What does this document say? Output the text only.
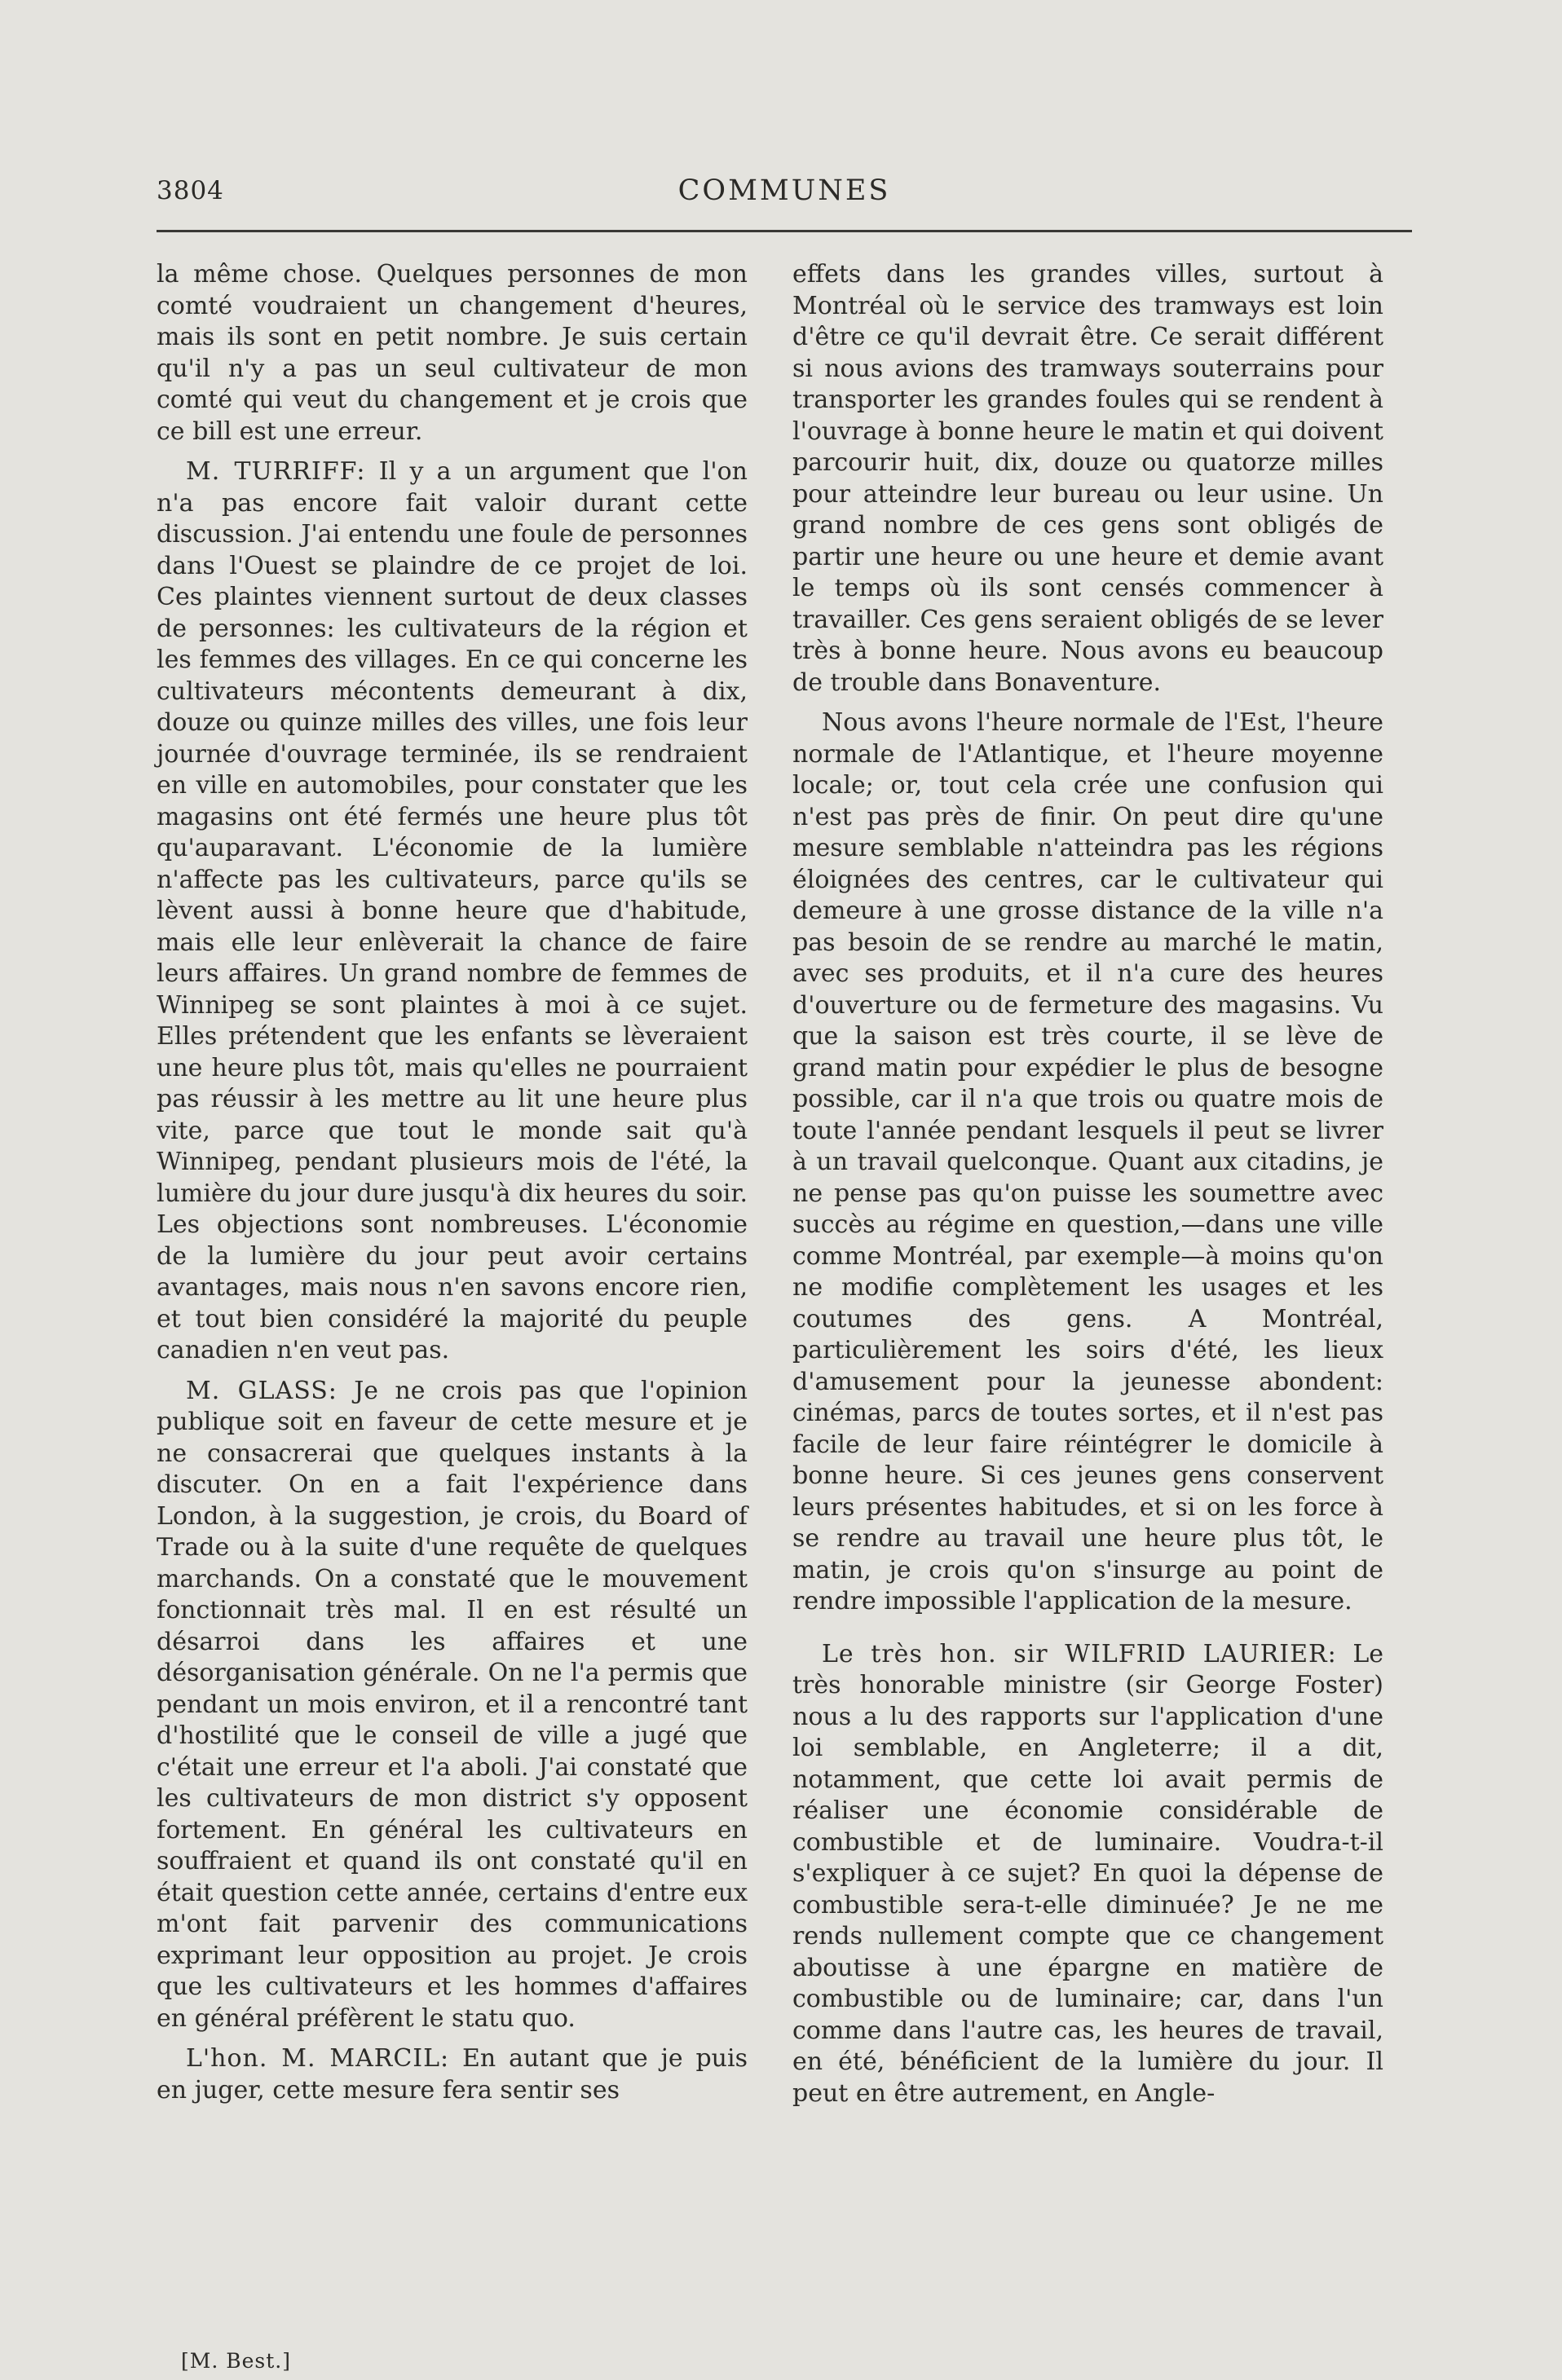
3804	COMMUNES

la même chose. Quelques personnes de mon comté voudraient un changement d'heures, mais ils sont en petit nombre. Je suis certain qu'il n'y a pas un seul cultivateur de mon comté qui veut du changement et je crois que ce bill est une erreur.

M. TURRIFF: Il y a un argument que l'on n'a pas encore fait valoir durant cette discussion. J'ai entendu une foule de personnes dans l'Ouest se plaindre de ce projet de loi. Ces plaintes viennent surtout de deux classes de personnes: les cultivateurs de la région et les femmes des villages. En ce qui concerne les cultivateurs mécontents demeurant à dix, douze ou quinze milles des villes, une fois leur journée d'ouvrage terminée, ils se rendraient en ville en automobiles, pour constater que les magasins ont été fermés une heure plus tôt qu'auparavant. L'économie de la lumière n'affecte pas les cultivateurs, parce qu'ils se lèvent aussi à bonne heure que d'habitude, mais elle leur enlèverait la chance de faire leurs affaires. Un grand nombre de femmes de Winnipeg se sont plaintes à moi à ce sujet. Elles prétendent que les enfants se lèveraient une heure plus tôt, mais qu'elles ne pourraient pas réussir à les mettre au lit une heure plus vite, parce que tout le monde sait qu'à Winnipeg, pendant plusieurs mois de l'été, la lumière du jour dure jusqu'à dix heures du soir. Les objections sont nombreuses. L'économie de la lumière du jour peut avoir certains avantages, mais nous n'en savons encore rien, et tout bien considéré la majorité du peuple canadien n'en veut pas.

M. GLASS: Je ne crois pas que l'opinion publique soit en faveur de cette mesure et je ne consacrerai que quelques instants à la discuter. On en a fait l'expérience dans London, à la suggestion, je crois, du Board of Trade ou à la suite d'une requête de quelques marchands. On a constaté que le mouvement fonctionnait très mal. Il en est résulté un désarroi dans les affaires et une désorganisation générale. On ne l'a permis que pendant un mois environ, et il a rencontré tant d'hostilité que le conseil de ville a jugé que c'était une erreur et l'a aboli. J'ai constaté que les cultivateurs de mon district s'y opposent fortement. En général les cultivateurs en souffraient et quand ils ont constaté qu'il en était question cette année, certains d'entre eux m'ont fait parvenir des communications exprimant leur opposition au projet. Je crois que les cultivateurs et les hommes d'affaires en général préfèrent le statu quo.

L'hon. M. MARCIL: En autant que je puis en juger, cette mesure fera sentir ses

effets dans les grandes villes, surtout à Montréal où le service des tramways est loin d'être ce qu'il devrait être. Ce serait différent si nous avions des tramways souterrains pour transporter les grandes foules qui se rendent à l'ouvrage à bonne heure le matin et qui doivent parcourir huit, dix, douze ou quatorze milles pour atteindre leur bureau ou leur usine. Un grand nombre de ces gens sont obligés de partir une heure ou une heure et demie avant le temps où ils sont censés commencer à travailler. Ces gens seraient obligés de se lever très à bonne heure. Nous avons eu beaucoup de trouble dans Bonaventure.

Nous avons l'heure normale de l'Est, l'heure normale de l'Atlantique, et l'heure moyenne locale; or, tout cela crée une confusion qui n'est pas près de finir. On peut dire qu'une mesure semblable n'atteindra pas les régions éloignées des centres, car le cultivateur qui demeure à une grosse distance de la ville n'a pas besoin de se rendre au marché le matin, avec ses produits, et il n'a cure des heures d'ouverture ou de fermeture des magasins. Vu que la saison est très courte, il se lève de grand matin pour expédier le plus de besogne possible, car il n'a que trois ou quatre mois de toute l'année pendant lesquels il peut se livrer à un travail quelconque. Quant aux citadins, je ne pense pas qu'on puisse les soumettre avec succès au régime en question,—dans une ville comme Montréal, par exemple—à moins qu'on ne modifie complètement les usages et les coutumes des gens. A Montréal, particulièrement les soirs d'été, les lieux d'amusement pour la jeunesse abondent: cinémas, parcs de toutes sortes, et il n'est pas facile de leur faire réintégrer le domicile à bonne heure. Si ces jeunes gens conservent leurs présentes habitudes, et si on les force à se rendre au travail une heure plus tôt, le matin, je crois qu'on s'insurge au point de rendre impossible l'application de la mesure.

Le très hon. sir WILFRID LAURIER: Le très honorable ministre (sir George Foster) nous a lu des rapports sur l'application d'une loi semblable, en Angleterre; il a dit, notamment, que cette loi avait permis de réaliser une économie considérable de combustible et de luminaire. Voudra-t-il s'expliquer à ce sujet? En quoi la dépense de combustible sera-t-elle diminuée? Je ne me rends nullement compte que ce changement aboutisse à une épargne en matière de combustible ou de luminaire; car, dans l'un comme dans l'autre cas, les heures de travail, en été, bénéficient de la lumière du jour. Il peut en être autrement, en Angle-

[M. Best.]
